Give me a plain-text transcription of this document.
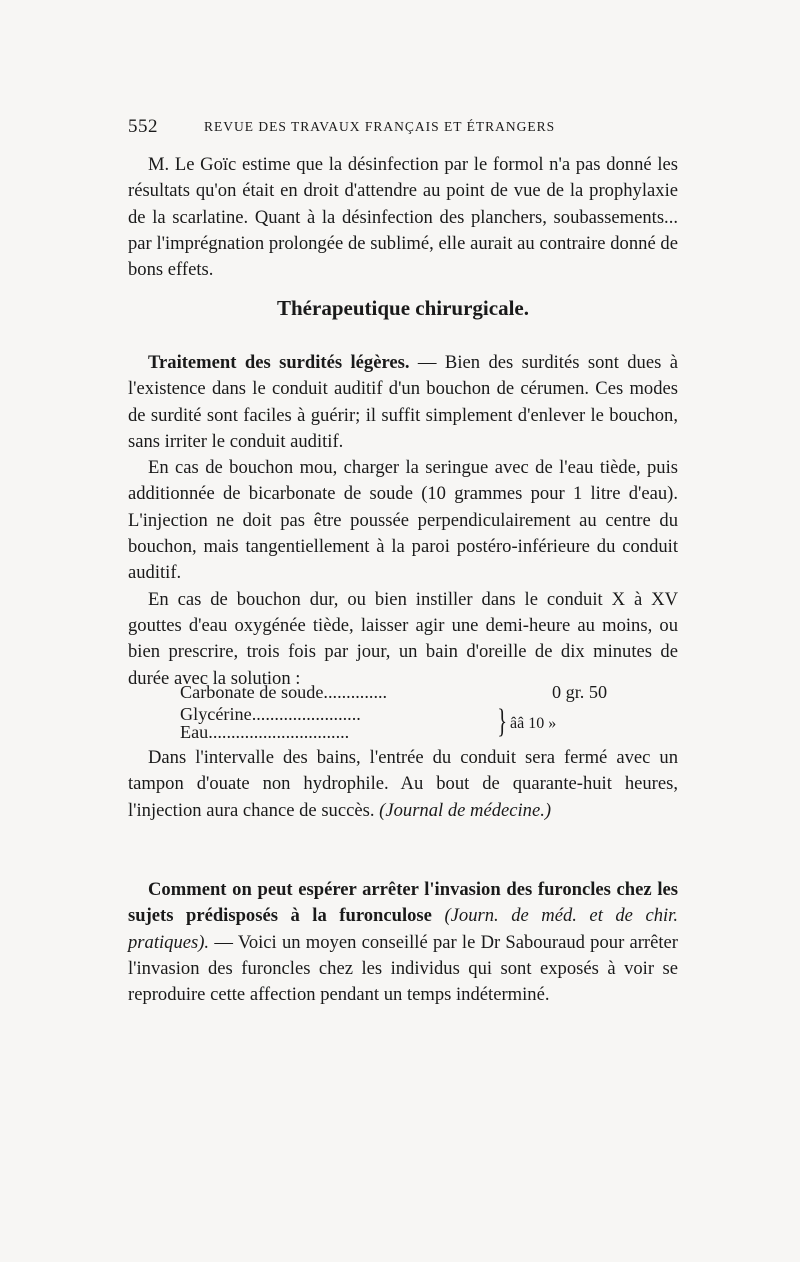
552	REVUE DES TRAVAUX FRANÇAIS ET ÉTRANGERS

M. Le Goïc estime que la désinfection par le formol n'a pas donné les résultats qu'on était en droit d'attendre au point de vue de la prophylaxie de la scarlatine. Quant à la désinfection des planchers, soubassements... par l'imprégnation prolongée de sublimé, elle aurait au contraire donné de bons effets.

Thérapeutique chirurgicale.

Traitement des surdités légères. — Bien des surdités sont dues à l'existence dans le conduit auditif d'un bouchon de cérumen. Ces modes de surdité sont faciles à guérir; il suffit simplement d'enlever le bouchon, sans irriter le conduit auditif.

En cas de bouchon mou, charger la seringue avec de l'eau tiède, puis additionnée de bicarbonate de soude (10 grammes pour 1 litre d'eau). L'injection ne doit pas être poussée perpendiculairement au centre du bouchon, mais tangentiellement à la paroi postéro-inférieure du conduit auditif.

En cas de bouchon dur, ou bien instiller dans le conduit X à XV gouttes d'eau oxygénée tiède, laisser agir une demi-heure au moins, ou bien prescrire, trois fois par jour, un bain d'oreille de dix minutes de durée avec la solution :

Carbonate de soude..............	0 gr. 50
Glycérine........................
Eau...............................	} ââ 10 »

Dans l'intervalle des bains, l'entrée du conduit sera fermé avec un tampon d'ouate non hydrophile. Au bout de quarante-huit heures, l'injection aura chance de succès. (Journal de médecine.)

Comment on peut espérer arrêter l'invasion des furoncles chez les sujets prédisposés à la furonculose (Journ. de méd. et de chir. pratiques). — Voici un moyen conseillé par le Dr Sabouraud pour arrêter l'invasion des furoncles chez les individus qui sont exposés à voir se reproduire cette affection pendant un temps indéterminé.
